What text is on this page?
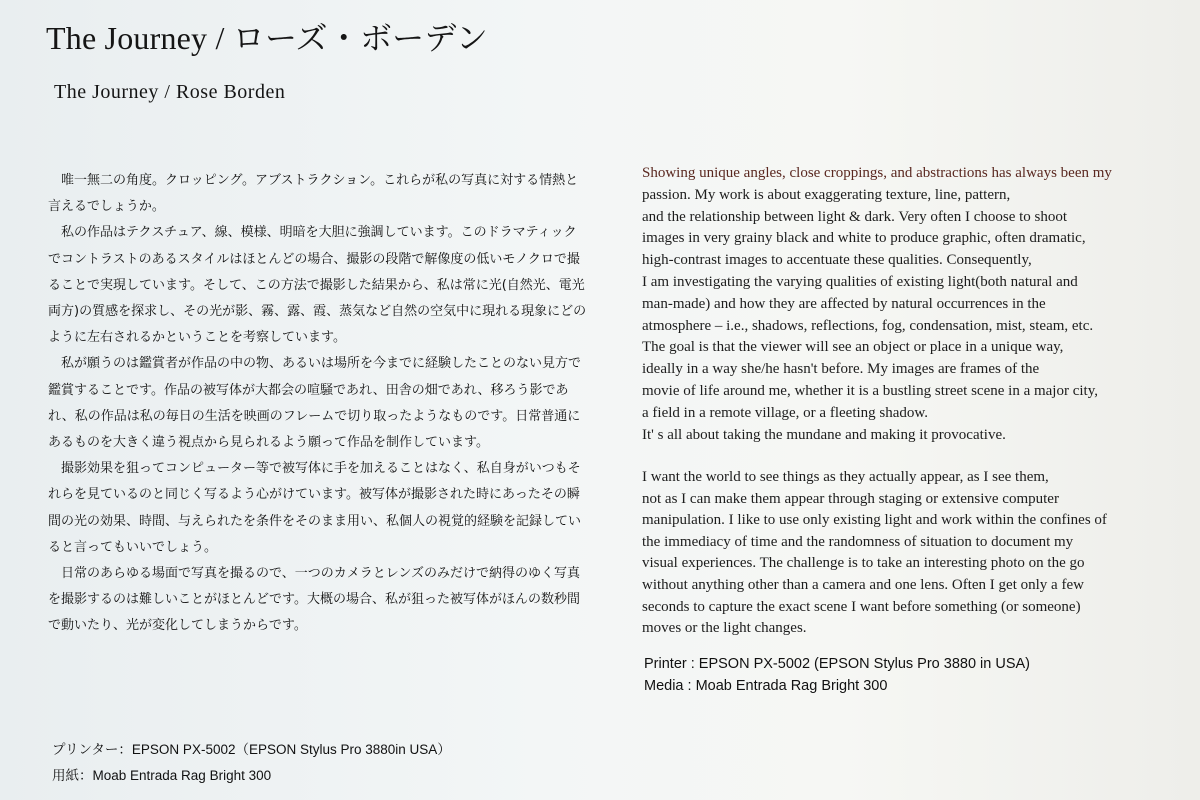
The Journey / ローズ・ボーデン
The Journey / Rose Borden

唯一無二の角度。クロッピング。アブストラクション。これらが私の写真に対する情熱と言えるでしょうか。

私の作品はテクスチュア、線、模様、明暗を大胆に強調しています。このドラマティックでコントラストのあるスタイルはほとんどの場合、撮影の段階で解像度の低いモノクロで撮ることで実現しています。そして、この方法で撮影した結果から、私は常に光(自然光、電光両方)の質感を探求し、その光が影、霧、露、霞、蒸気など自然の空気中に現れる現象にどのように左右されるかということを考察しています。

私が願うのは鑑賞者が作品の中の物、あるいは場所を今までに経験したことのない見方で鑑賞することです。作品の被写体が大都会の喧騒であれ、田舎の畑であれ、移ろう影であれ、私の作品は私の毎日の生活を映画のフレームで切り取ったようなものです。日常普通にあるものを大きく違う視点から見られるよう願って作品を制作しています。

撮影効果を狙ってコンピューター等で被写体に手を加えることはなく、私自身がいつもそれらを見ているのと同じく写るよう心がけています。被写体が撮影された時にあったその瞬間の光の効果、時間、与えられたを条件をそのまま用い、私個人の視覚的経験を記録していると言ってもいいでしょう。

日常のあらゆる場面で写真を撮るので、一つのカメラとレンズのみだけで納得のゆく写真を撮影するのは難しいことがほとんどです。大概の場合、私が狙った被写体がほんの数秒間で動いたり、光が変化してしまうからです。

プリンター：EPSON PX-5002（EPSON Stylus Pro 3880in USA）
用紙：Moab Entrada Rag Bright 300
Showing unique angles, close croppings, and abstractions has always been my
passion. My work is about exaggerating texture, line, pattern,
and the relationship between light & dark. Very often I choose to shoot
images in very grainy black and white to produce graphic, often dramatic,
high-contrast images to accentuate these qualities. Consequently,
I am investigating the varying qualities of existing light(both natural and
man-made) and how they are affected by natural occurrences in the
atmosphere – i.e., shadows, reflections, fog, condensation, mist, steam, etc.
The goal is that the viewer will see an object or place in a unique way,
ideally in a way she/he hasn't before. My images are frames of the
movie of life around me, whether it is a bustling street scene in a major city,
a field in a remote village, or a fleeting shadow.
It' s all about taking the mundane and making it provocative.
I want the world to see things as they actually appear, as I see them,
not as I can make them appear through staging or extensive computer
manipulation. I like to use only existing light and work within the confines of
the immediacy of time and the randomness of situation to document my
visual experiences. The challenge is to take an interesting photo on the go
without anything other than a camera and one lens. Often I get only a few
seconds to capture the exact scene I want before something (or someone)
moves or the light changes.
Printer : EPSON PX-5002 (EPSON Stylus Pro 3880 in USA)
Media : Moab Entrada Rag Bright 300
